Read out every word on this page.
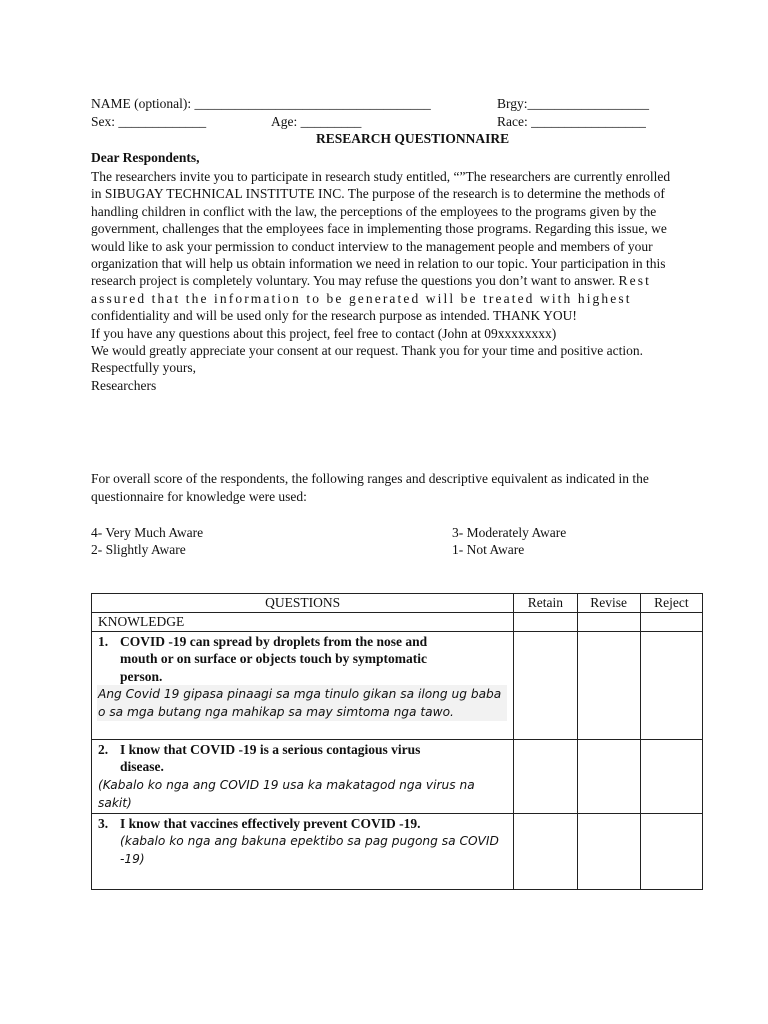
NAME (optional): ___________________________________	Brgy:__________________
Sex: _____________	Age: _________	Race: _________________
RESEARCH QUESTIONNAIRE
Dear Respondents,

The researchers invite you to participate in research study entitled, “”The researchers are currently enrolled in SIBUGAY TECHNICAL INSTITUTE INC. The purpose of the research is to determine the methods of handling children in conflict with the law, the perceptions of the employees to the programs given by the government, challenges that the employees face in implementing those programs. Regarding this issue, we would like to ask your permission to conduct interview to the management people and members of your organization that will help us obtain information we need in relation to our topic. Your participation in this research project is completely voluntary. You may refuse the questions you don’t want to answer. Rest assured that the information to be generated will be treated with highest confidentiality and will be used only for the research purpose as intended. THANK YOU!

If you have any questions about this project, feel free to contact (John at 09xxxxxxxx)

We would greatly appreciate your consent at our request. Thank you for your time and positive action.

Respectfully yours,

Researchers

For overall score of the respondents, the following ranges and descriptive equivalent as indicated in the questionnaire for knowledge were used:
4- Very Much Aware	3- Moderately Aware
2- Slightly Aware	1- Not Aware
QUESTIONS	Retain	Revise	Reject
KNOWLEDGE			

1. COVID -19 can spread by droplets from the nose and mouth or on surface or objects touch by symptomatic person.
Ang Covid 19 gipasa pinaagi sa mga tinulo gikan sa ilong ug baba o sa mga butang nga mahikap sa may simtoma nga tawo.			

2. I know that COVID -19 is a serious contagious virus disease.
(Kabalo ko nga ang COVID 19 usa ka makatagod nga virus na sakit)			

3. I know that vaccines effectively prevent COVID -19.
(kabalo ko nga ang bakuna epektibo sa pag pugong sa COVID -19)			
